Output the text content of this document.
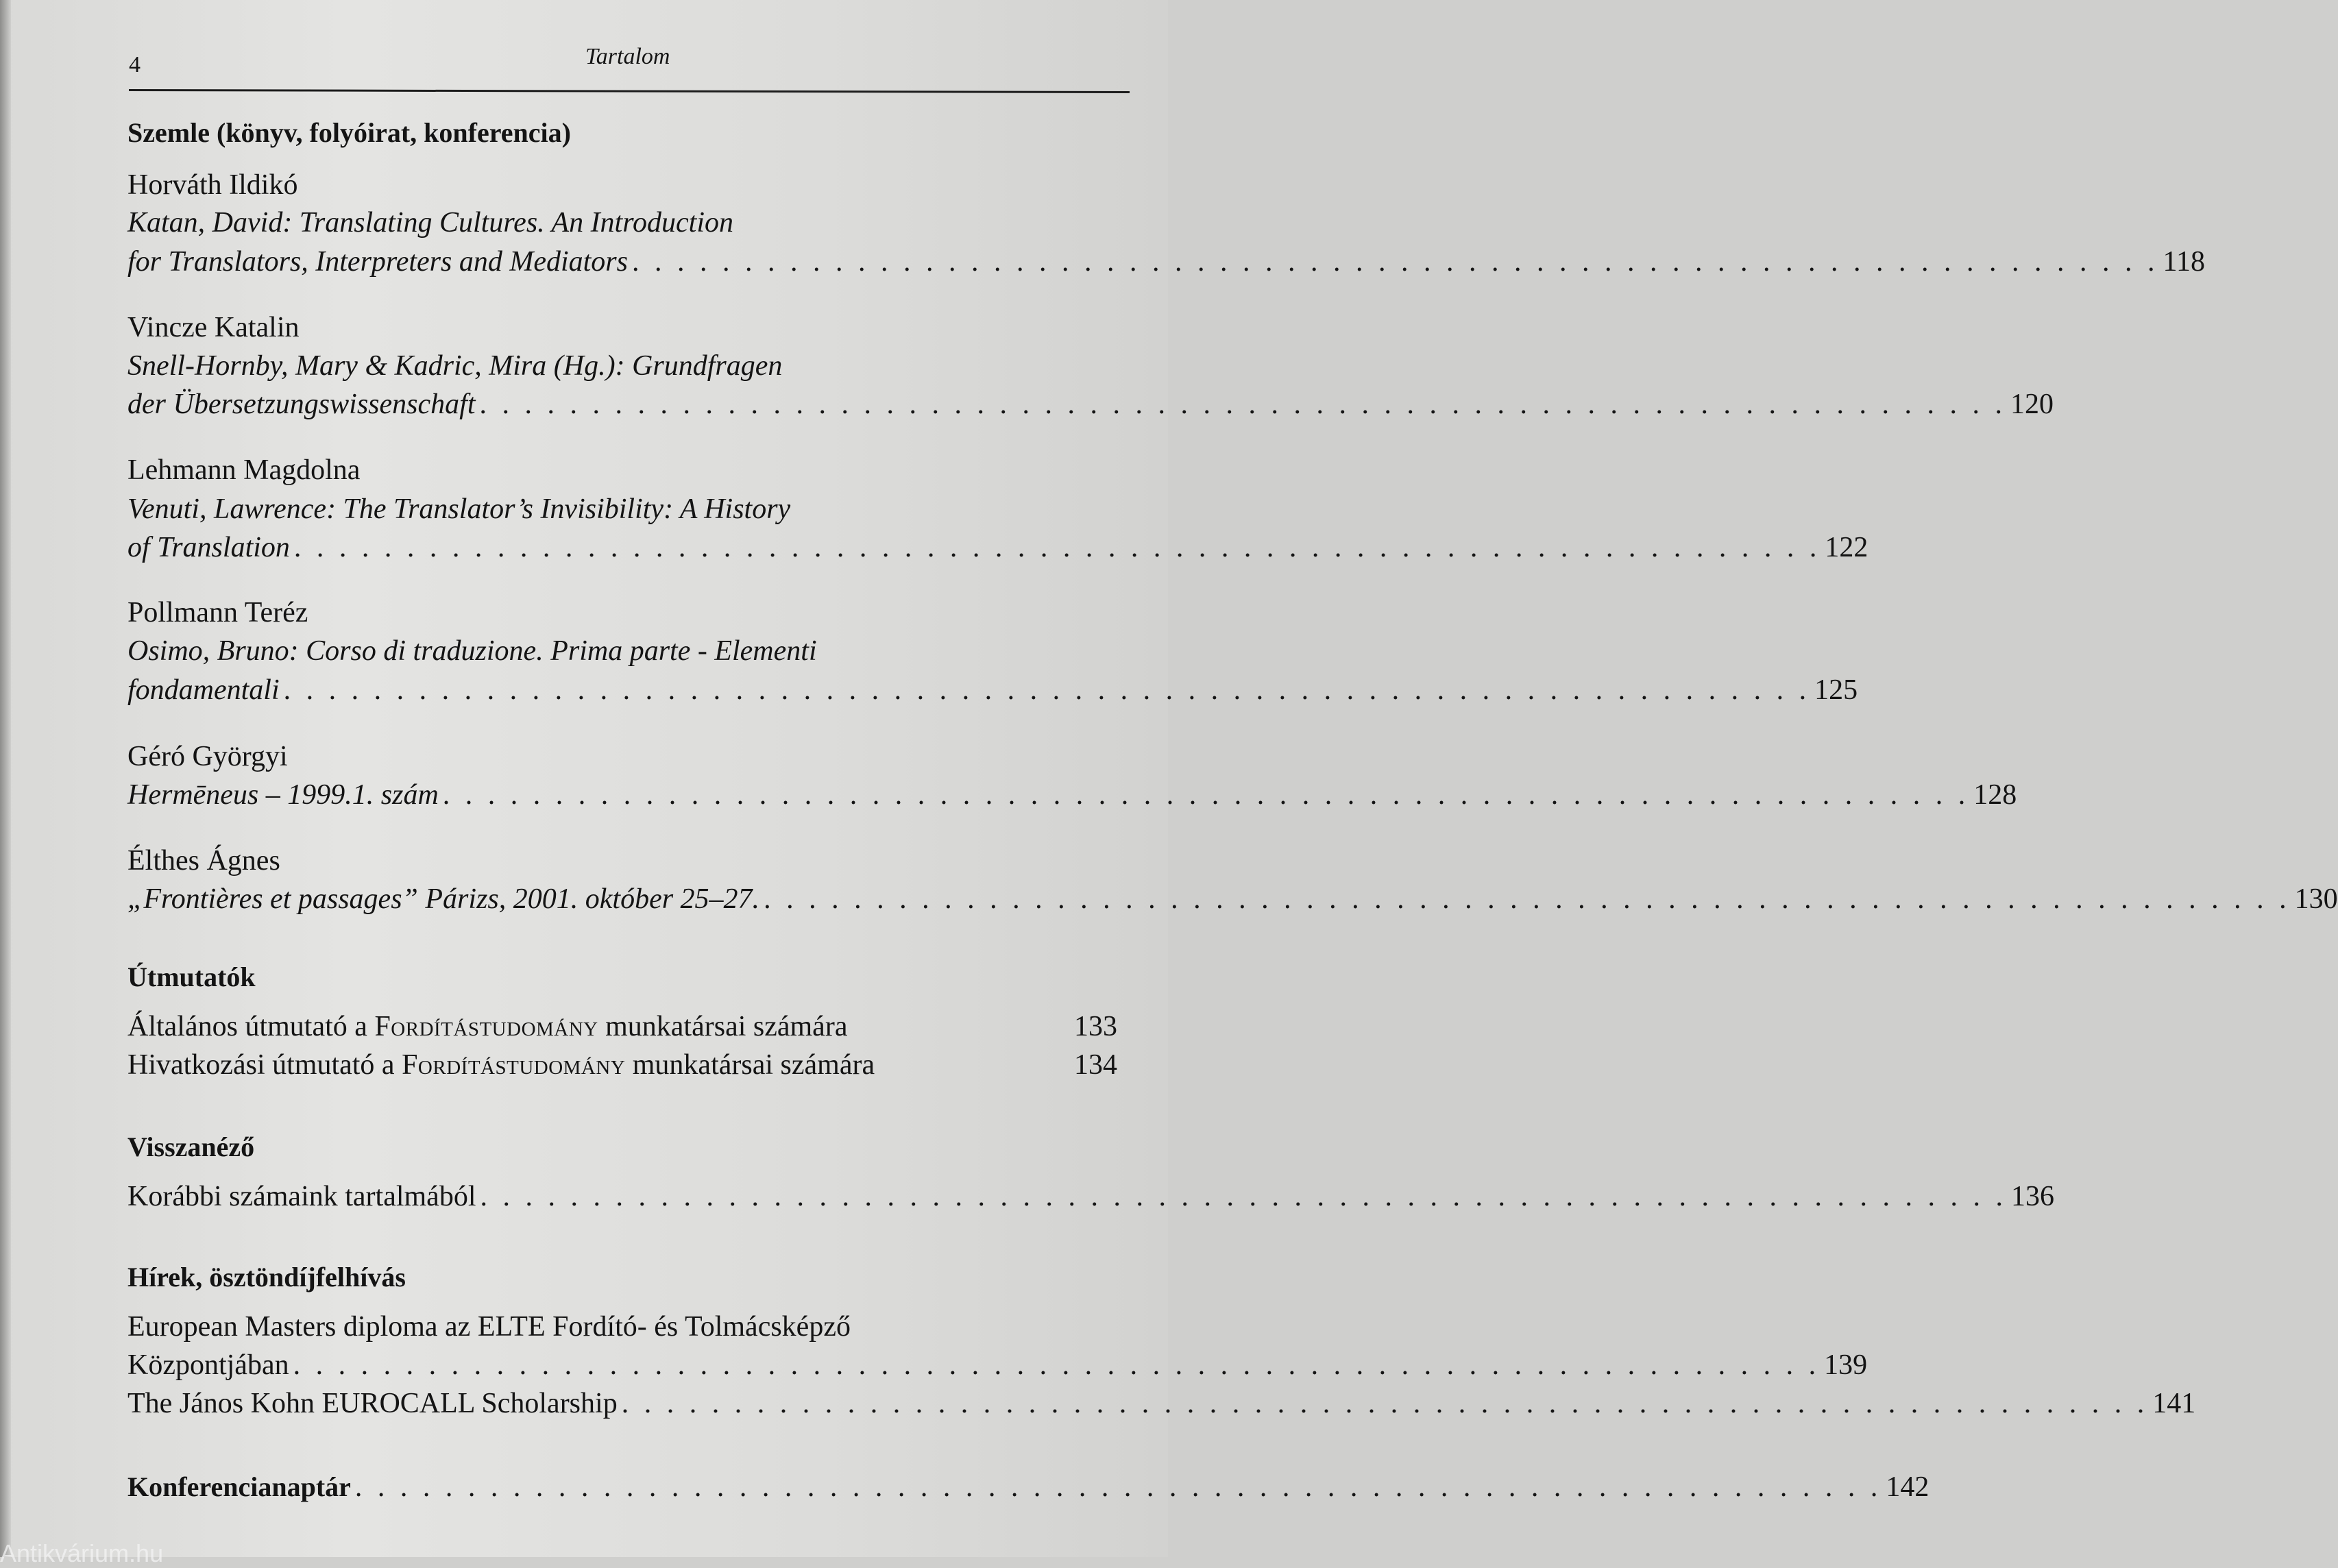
4	Tartalom
Szemle (könyv, folyóirat, konferencia)
Horváth Ildikó
Katan, David: Translating Cultures. An Introduction
for Translators, Interpreters and Mediators . . . . . . . . . . . . . . . . . . . . . . . . . . . . . . . . . . . . . . . . . . . . . . . . . . . . . . . . . . . . . . . . . . . . 118
Vincze Katalin
Snell-Hornby, Mary & Kadric, Mira (Hg.): Grundfragen
der Übersetzungswissenschaft . . . . . . . . . . . . . . . . . . . . . . . . . . . . . . . . . . . . . . . . . . . . . . . . . . . . . . . . . . . . . . . . . . . . 120
Lehmann Magdolna
Venuti, Lawrence: The Translator’s Invisibility: A History
of Translation . . . . . . . . . . . . . . . . . . . . . . . . . . . . . . . . . . . . . . . . . . . . . . . . . . . . . . . . . . . . . . . . . . . . 122
Pollmann Teréz
Osimo, Bruno: Corso di traduzione. Prima parte - Elementi
fondamentali . . . . . . . . . . . . . . . . . . . . . . . . . . . . . . . . . . . . . . . . . . . . . . . . . . . . . . . . . . . . . . . . . . . . 125
Géró Györgyi
Hermēneus – 1999.1. szám . . . . . . . . . . . . . . . . . . . . . . . . . . . . . . . . . . . . . . . . . . . . . . . . . . . . . . . . . . . . . . . . . . . . 128
Élthes Ágnes
„Frontières et passages” Párizs, 2001. október 25–27. . . . . . . . . . . . . . . . . . . . . . . . . . . . . . . . . . . . . . . . . . . . . . . . . . . . . . . . . . . . . . . . . . . . . 130
Útmutatók
Általános útmutató a Fordítástudomány munkatársai számára	133
Hivatkozási útmutató a Fordítástudomány munkatársai számára	134
Visszanéző
Korábbi számaink tartalmából . . . . . . . . . . . . . . . . . . . . . . . . . . . . . . . . . . . . . . . . . . . . . . . . . . . . . . . . . . . . . . . . . . . . 136
Hírek, ösztöndíjfelhívás
European Masters diploma az ELTE Fordító- és Tolmácsképző
Központjában . . . . . . . . . . . . . . . . . . . . . . . . . . . . . . . . . . . . . . . . . . . . . . . . . . . . . . . . . . . . . . . . . . . . 139
The János Kohn EUROCALL Scholarship . . . . . . . . . . . . . . . . . . . . . . . . . . . . . . . . . . . . . . . . . . . . . . . . . . . . . . . . . . . . . . . . . . . . 141
Konferencianaptár . . . . . . . . . . . . . . . . . . . . . . . . . . . . . . . . . . . . . . . . . . . . . . . . . . . . . . . . . . . . . . . . . . . . 142
Antikvárium.hu
